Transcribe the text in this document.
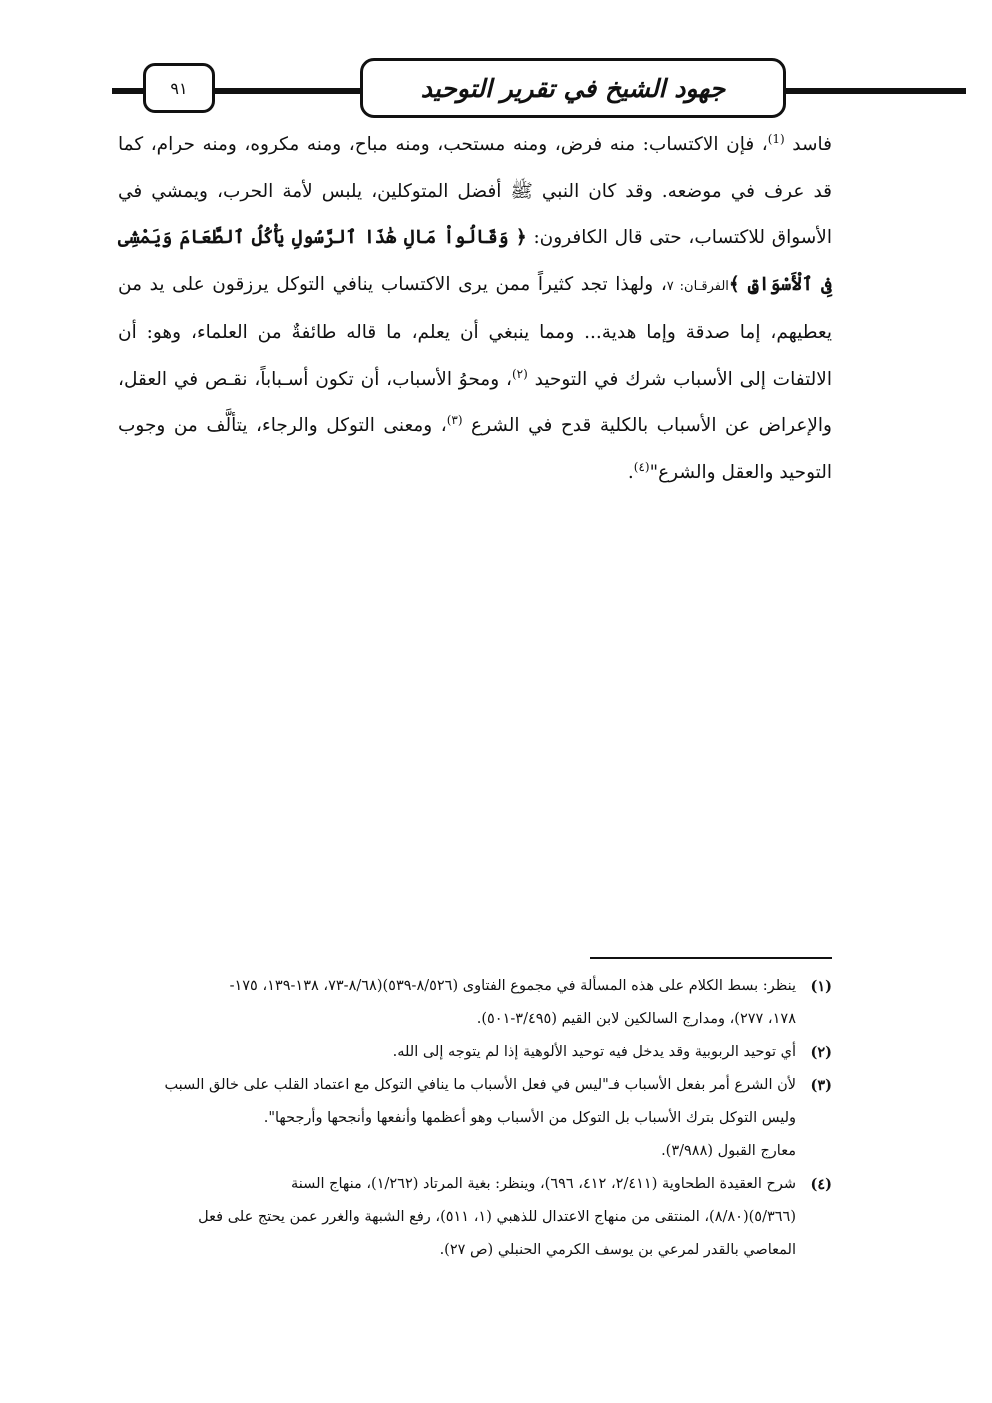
٩١	جهود الشيخ في تقرير التوحيد

فاسد $^{(1)}$، فإن الاكتساب: منه فرض، ومنه مستحب، ومنه مباح، ومنه مكروه، ومنه حرام، كما قد عرف في موضعه. وقد كان النبي ﷺ أفضل المتوكلين، يلبس لأمة الحرب، ويمشي في الأسواق للاكتساب، حتى قال الكافرون: ﴿ وَقَالُواْ مَالِ هَٰذَا ٱلرَّسُولِ يَأْكُلُ ٱلطَّعَامَ وَيَمْشِى فِى ٱلْأَسْوَاقِ ﴾الفرقـان: ٧، ولهذا تجد كثيراً ممن يرى الاكتساب ينافي التوكل يرزقون على يد من يعطيهم، إما صدقة وإما هدية... ومما ينبغي أن يعلم، ما قاله طائفةٌ من العلماء، وهو: أن الالتفات إلى الأسباب شرك في التوحيد $^{(٢)}$، ومحوُ الأسباب، أن تكون أسـباباً، نقـص في العقل، والإعراض عن الأسباب بالكلية قدح في الشرع $^{(٣)}$، ومعنى التوكل والرجاء، يتألَّف من وجوب التوحيد والعقل والشرع"$^{(٤)}$.

(١)
ينظر: بسط الكلام على هذه المسألة في مجموع الفتاوى (٨/٥٢٦-٥٣٩)(٨/٦٨-٧٣، ١٣٨-١٣٩، ١٧٥-
١٧٨، ٢٧٧)، ومدارج السالكين لابن القيم (٣/٤٩٥-٥٠١).
(٢)
أي توحيد الربوبية وقد يدخل فيه توحيد الألوهية إذا لم يتوجه إلى الله.
(٣)
لأن الشرع أمر بفعل الأسباب فـ"ليس في فعل الأسباب ما ينافي التوكل مع اعتماد القلب على خالق السبب
وليس التوكل بترك الأسباب بل التوكل من الأسباب وهو أعظمها وأنفعها وأنجحها وأرجحها".
معارج القبول (٣/٩٨٨).
(٤)
شرح العقيدة الطحاوية (٢/٤١١، ٤١٢، ٦٩٦)، وينظر: بغية المرتاد (١/٢٦٢)، منهاج السنة
(٥/٣٦٦)(٨/٨٠)، المنتقى من منهاج الاعتدال للذهبي (١، ٥١١)، رفع الشبهة والغرر عمن يحتج على فعل
المعاصي بالقدر لمرعي بن يوسف الكرمي الحنبلي (ص ٢٧).
